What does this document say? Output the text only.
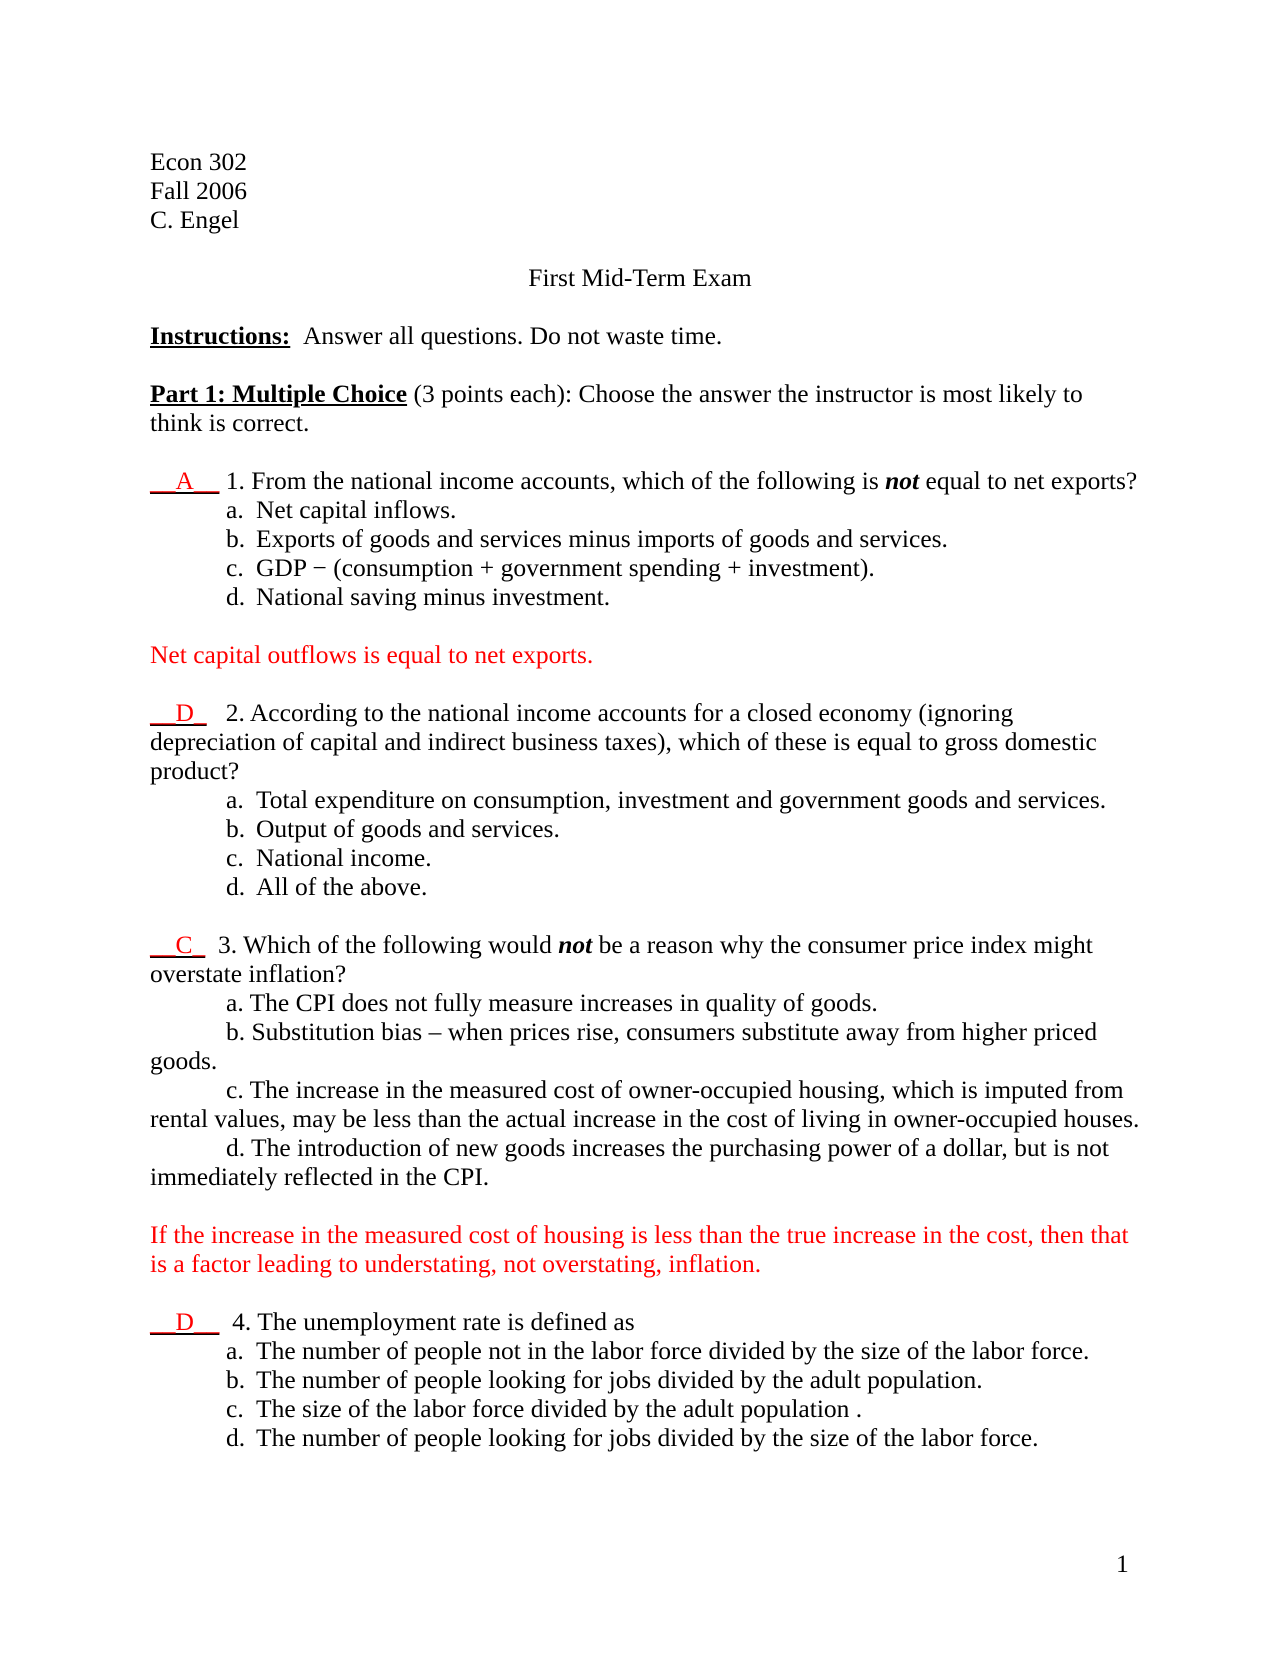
Econ 302
Fall 2006
C. Engel
First Mid-Term Exam
Instructions: Answer all questions. Do not waste time.
Part 1: Multiple Choice (3 points each): Choose the answer the instructor is most likely to
think is correct.
__A__ 1. From the national income accounts, which of the following is not equal to net exports?
a. Net capital inflows.
b. Exports of goods and services minus imports of goods and services.
c. GDP − (consumption + government spending + investment).
d. National saving minus investment.
Net capital outflows is equal to net exports.
__D_ 2. According to the national income accounts for a closed economy (ignoring
depreciation of capital and indirect business taxes), which of these is equal to gross domestic
product?
a. Total expenditure on consumption, investment and government goods and services.
b. Output of goods and services.
c. National income.
d. All of the above.
__C_ 3. Which of the following would not be a reason why the consumer price index might
overstate inflation?
a. The CPI does not fully measure increases in quality of goods.
b. Substitution bias – when prices rise, consumers substitute away from higher priced
goods.
c. The increase in the measured cost of owner-occupied housing, which is imputed from
rental values, may be less than the actual increase in the cost of living in owner-occupied houses.
d. The introduction of new goods increases the purchasing power of a dollar, but is not
immediately reflected in the CPI.
If the increase in the measured cost of housing is less than the true increase in the cost, then that
is a factor leading to understating, not overstating, inflation.
__D__ 4. The unemployment rate is defined as
a. The number of people not in the labor force divided by the size of the labor force.
b. The number of people looking for jobs divided by the adult population.
c. The size of the labor force divided by the adult population .
d. The number of people looking for jobs divided by the size of the labor force.
1
